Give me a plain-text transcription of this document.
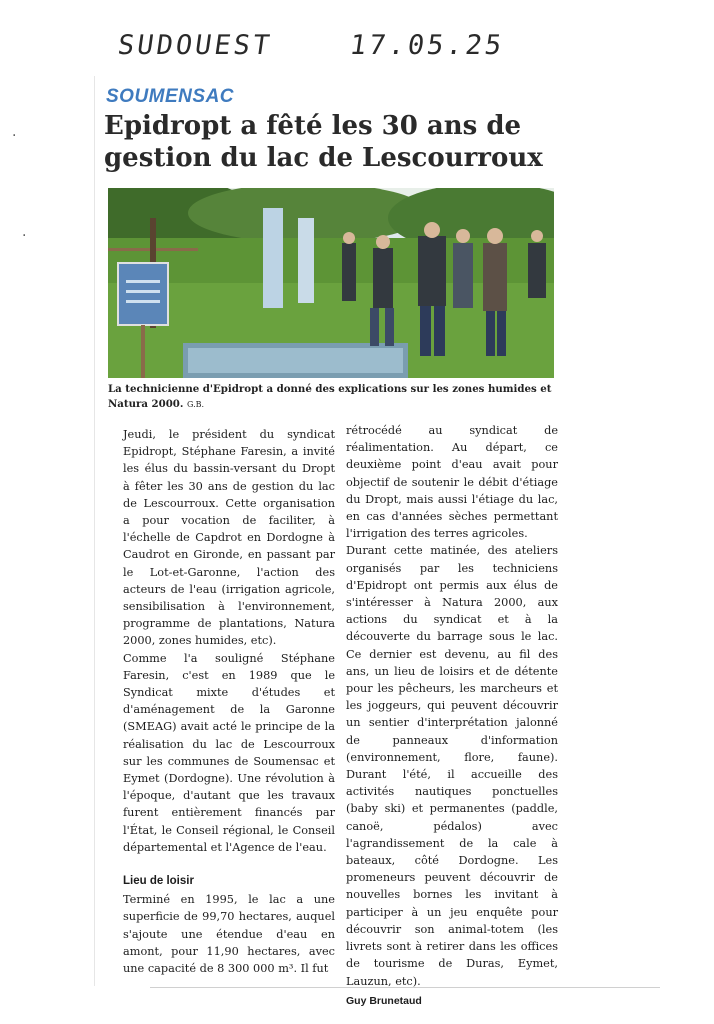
SUDOUEST	17.05.25
·
·
SOUMENSAC
Epidropt a fêté les 30 ans de gestion du lac de Lescourroux

La technicienne d'Epidropt a donné des explications sur les zones humides et Natura 2000. G.B.

Jeudi, le président du syndicat Epidropt, Stéphane Faresin, a invité les élus du bassin-versant du Dropt à fêter les 30 ans de gestion du lac de Lescourroux. Cette organisation a pour vocation de faciliter, à l'échelle de Capdrot en Dordogne à Caudrot en Gironde, en passant par le Lot-et-Garonne, l'action des acteurs de l'eau (irrigation agricole, sensibilisation à l'environnement, programme de plantations, Natura 2000, zones humides, etc).

Comme l'a souligné Stéphane Faresin, c'est en 1989 que le Syndicat mixte d'études et d'aménagement de la Garonne (SMEAG) avait acté le principe de la réalisation du lac de Lescourroux sur les communes de Soumensac et Eymet (Dordogne). Une révolution à l'époque, d'autant que les travaux furent entièrement financés par l'État, le Conseil régional, le Conseil départemental et l'Agence de l'eau.

Lieu de loisir

Terminé en 1995, le lac a une superficie de 99,70 hectares, auquel s'ajoute une étendue d'eau en amont, pour 11,90 hectares, avec une capacité de 8 300 000 m³. Il fut

rétrocédé au syndicat de réalimentation. Au départ, ce deuxième point d'eau avait pour objectif de soutenir le débit d'étiage du Dropt, mais aussi l'étiage du lac, en cas d'années sèches permettant l'irrigation des terres agricoles.

Durant cette matinée, des ateliers organisés par les techniciens d'Epidropt ont permis aux élus de s'intéresser à Natura 2000, aux actions du syndicat et à la découverte du barrage sous le lac. Ce dernier est devenu, au fil des ans, un lieu de loisirs et de détente pour les pêcheurs, les marcheurs et les joggeurs, qui peuvent découvrir un sentier d'interprétation jalonné de panneaux d'information (environnement, flore, faune). Durant l'été, il accueille des activités nautiques ponctuelles (baby ski) et permanentes (paddle, canoë, pédalos) avec l'agrandissement de la cale à bateaux, côté Dordogne. Les promeneurs peuvent découvrir de nouvelles bornes les invitant à participer à un jeu enquête pour découvrir son animal-totem (les livrets sont à retirer dans les offices de tourisme de Duras, Eymet, Lauzun, etc).

Guy Brunetaud
